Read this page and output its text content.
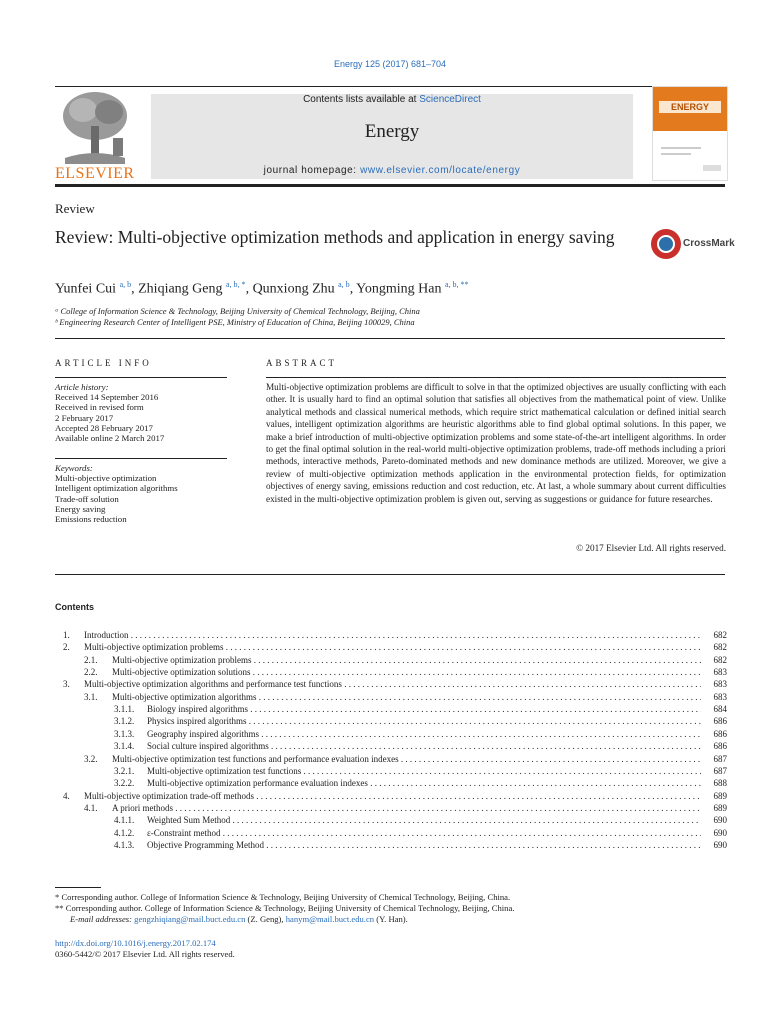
Energy 125 (2017) 681–704
ELSEVIER
Contents lists available at ScienceDirect
Energy
journal homepage: www.elsevier.com/locate/energy
ENERGY
Review
Review: Multi-objective optimization methods and application in energy saving	CrossMark
Yunfei Cui $^{a, b}$, Zhiqiang Geng $^{a, b, *}$, Qunxiong Zhu $^{a, b}$, Yongming Han $^{a, b, **}$
ᵃ College of Information Science & Technology, Beijing University of Chemical Technology, Beijing, China
ᵇ Engineering Research Center of Intelligent PSE, Ministry of Education of China, Beijing 100029, China
ARTICLE INFO
Article history:
Received 14 September 2016
Received in revised form
2 February 2017
Accepted 28 February 2017
Available online 2 March 2017
Keywords:
Multi-objective optimization
Intelligent optimization algorithms
Trade-off solution
Energy saving
Emissions reduction
ABSTRACT
Multi-objective optimization problems are difficult to solve in that the optimized objectives are usually conflicting with each other. It is usually hard to find an optimal solution that satisfies all objectives from the mathematical point of view. Unlike analytical methods and classical numerical methods, which require strict mathematical calculation or defined initial search values, intelligent optimization algorithms are heuristic algorithms able to find global optimal solutions. In this paper, we make a brief introduction of multi-objective optimization problems and some state-of-the-art intelligent algorithms. In order to get the final optimal solution in the real-world multi-objective optimization problems, trade-off methods including a priori methods, interactive methods, Pareto-dominated methods and new dominance methods are utilized. Moreover, we give a review of multi-objective optimization methods application in the environmental protection fields, for optimization objectives of energy saving, emissions reduction and cost reduction, etc. At last, a whole summary about current difficulties existed in the multi-objective optimization problem is given out, serving as suggestions or guidance for future researches.
© 2017 Elsevier Ltd. All rights reserved.
Contents
1. Introduction . . .	682
2. Multi-objective optimization problems . . .	682
2.1. Multi-objective optimization problems . . .	682
2.2. Multi-objective optimization solutions . . .	683
3. Multi-objective optimization algorithms and performance test functions . . .	683
3.1. Multi-objective optimization algorithms . . .	683
3.1.1. Biology inspired algorithms . . .	684
3.1.2. Physics inspired algorithms . . .	686
3.1.3. Geography inspired algorithms . . .	686
3.1.4. Social culture inspired algorithms . . .	686
3.2. Multi-objective optimization test functions and performance evaluation indexes . . .	687
3.2.1. Multi-objective optimization test functions . . .	687
3.2.2. Multi-objective optimization performance evaluation indexes . . .	688
4. Multi-objective optimization trade-off methods . . .	689
4.1. A priori methods . . .	689
4.1.1. Weighted Sum Method . . .	690
4.1.2. ε-Constraint method . . .	690
4.1.3. Objective Programming Method . . .	690
* Corresponding author. College of Information Science & Technology, Beijing University of Chemical Technology, Beijing, China.
** Corresponding author. College of Information Science & Technology, Beijing University of Chemical Technology, Beijing, China.
E-mail addresses: gengzhiqiang@mail.buct.edu.cn (Z. Geng), hanym@mail.buct.edu.cn (Y. Han).
http://dx.doi.org/10.1016/j.energy.2017.02.174
0360-5442/© 2017 Elsevier Ltd. All rights reserved.
